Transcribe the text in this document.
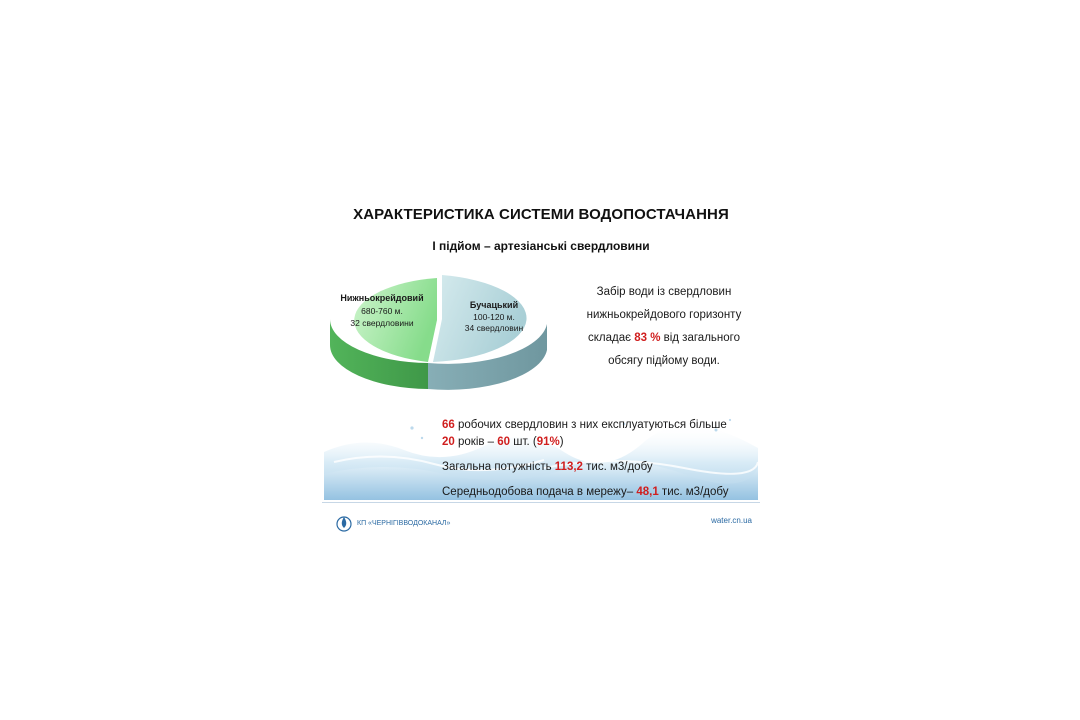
ХАРАКТЕРИСТИКА СИСТЕМИ ВОДОПОСТАЧАННЯ
І підйом – артезіанські свердловини
Нижньокрейдовий
680-760 м.
32 свердловини
Бучацький
100-120 м.
34 свердловин
Забір води із свердловин
нижньокрейдового горизонту
складає 83 % від загального
обсягу підйому води.
66 робочих свердловин з них експлуатуються більше
20 років – 60 шт. (91%)
Загальна потужність 113,2 тис. м3/добу
Середньодобова подача в мережу– 48,1 тис. м3/добу
КП «ЧЕРНІГІВВОДОКАНАЛ»	water.cn.ua
